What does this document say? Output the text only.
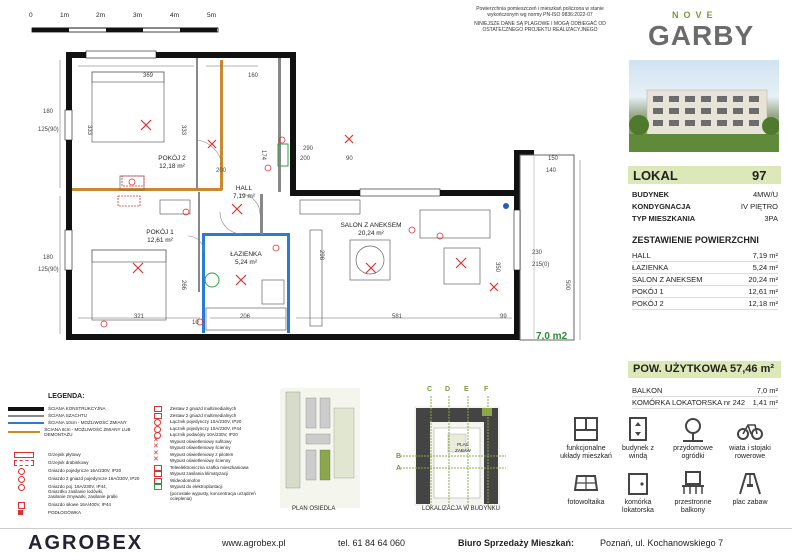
0	1m	2m	3m	4m	5m
Powierzchnia pomieszczeń i mieszkań policzona w stanie
wykończonym wg normy PN-ISO 9836:2022-07
NINIEJSZE DANE SĄ PLAGOWE I MOGĄ ODBIEGAĆ OD
OSTATECZNEGO PROJEKTU REALIZACYJNEGO
NOVE
GARBY
LOKAL	97
BUDYNEK	4MW/U
KONDYGNACJA	IV PIĘTRO
TYP MIESZKANIA	3PA
ZESTAWIENIE POWIERZCHNI
HALL	7,19 m²
ŁAZIENKA	5,24 m²
SALON Z ANEKSEM	20,24 m²
POKÓJ 1	12,61 m²
POKÓJ 2	12,18 m²
POW. UŻYTKOWA 57,46 m²
BALKON	7,0 m²
KOMÓRKA LOKATORSKA nr 242 1,41 m²
369	160
333	333
200
290
200	90	150
140
180
125(90)
180
125(90)
230
215(0)
500
321	206	581	99
266
350
298
10
174
POKÓJ 2
12,18 m²
HALL
7,19 m²
POKÓJ 1
12,61 m²
ŁAZIENKA
5,24 m²
SALON Z ANEKSEM
20,24 m²
7,0 m2
LEGENDA:
ŚCIANA KONSTRUKCYJNA
ŚCIANA SZACHTU
ŚCIANA 10cm - MOŻLIWOŚĆ ZMIANY
ŚCIANA 8cm - MOŻLIWOŚĆ ZMIANY LUB DEMONTAŻU
Grzejnik płytowy
Grzejnik drabinkowy
Gniazdo pojedyncze 16A/230V, IP20
Gniazdo 2 gniazd pojedyncze 16A/230V, IP20
Gniazdo poj. 16A/230V, IP44, Gniazdko zasilanie lodówki, zasilanie zmywarki, zasilanie pralki
Gniazdo siłowe 16A/400V, IP44
PODŁOGÓWKA
Zestaw 2 gniazd multimedialnych
Zestaw 2 gniazd multimedialnych
Łącznik pojedynczy 10A/230V, IP20
Łącznik pojedynczy 10A/230V, IP44
Łącznik podwójny 10A/230V, IP20
✕ Wypust oświetleniowy sufitowy
✕ Wypust oświetleniowy ścienny
✕ Wypust oświetleniowy z pilotem
✕ Wypust oświetleniowy ścienny
Teleelektroniczna szafka mieszkaniowa
Wypust zasilania klimatyzacji
Wideodomofon
Wypust do elektroplantacji
(pozostałe wypusty, koncentracja urządzeń ocieplenia)
PLAN OSIEDLA
PLAC ZABAW
C D E F
B
A
LOKALIZACJA W BUDYNKU
funkcjonalne układy mieszkań
budynek z windą
przydomowe ogródki
wiata i stojaki rowerowe
fotowoltaika	komórka lokatorska
przestronne balkony
plac zabaw
AGROBEX	www.agrobex.pl	tel. 61 84 64 060	Biuro Sprzedaży Mieszkań:	Poznań, ul. Kochanowskiego 7
